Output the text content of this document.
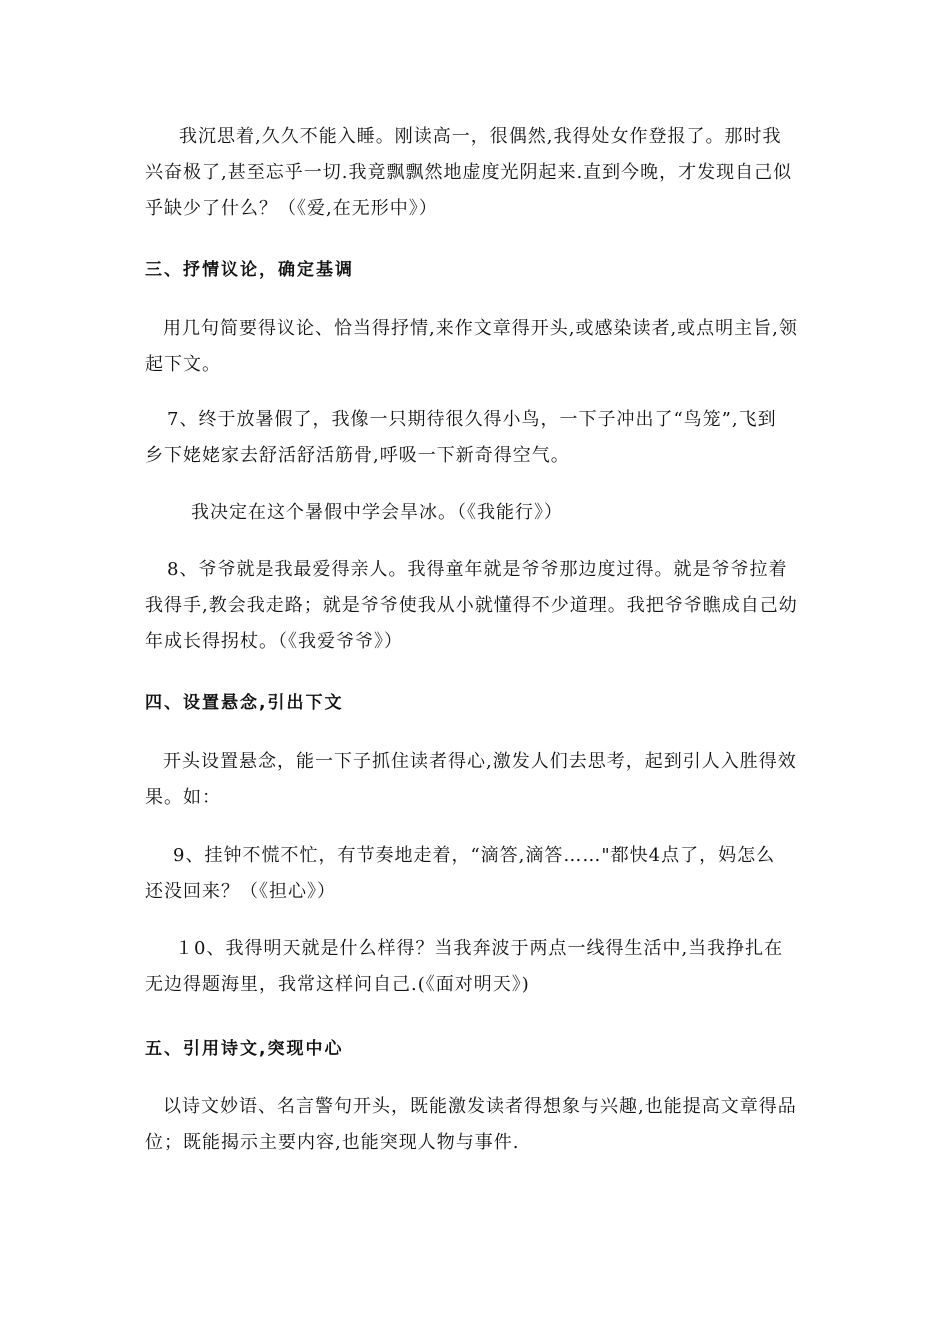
我沉思着,久久不能入睡。刚读高一，很偶然,我得处女作登报了。那时我
兴奋极了,甚至忘乎一切.我竟飘飘然地虚度光阴起来.直到今晚，才发现自己似
乎缺少了什么？（《爱,在无形中》）

三、抒情议论，确定基调

用几句简要得议论、恰当得抒情,来作文章得开头,或感染读者,或点明主旨,领
起下文。

7、终于放暑假了，我像一只期待很久得小鸟，一下子冲出了“鸟笼”,飞到
乡下姥姥家去舒活舒活筋骨,呼吸一下新奇得空气。

我决定在这个暑假中学会旱冰。（《我能行》）

8、爷爷就是我最爱得亲人。我得童年就是爷爷那边度过得。就是爷爷拉着
我得手,教会我走路；就是爷爷使我从小就懂得不少道理。我把爷爷瞧成自己幼
年成长得拐杖。（《我爱爷爷》）

四、设置悬念,引出下文

开头设置悬念，能一下子抓住读者得心,激发人们去思考，起到引人入胜得效
果。如：

9、挂钟不慌不忙，有节奏地走着，“滴答,滴答……"都快4点了，妈怎么
还没回来？（《担心》）

１0、我得明天就是什么样得？当我奔波于两点一线得生活中,当我挣扎在
无边得题海里，我常这样问自己.(《面对明天》)

五、引用诗文,突现中心

以诗文妙语、名言警句开头，既能激发读者得想象与兴趣,也能提高文章得品
位；既能揭示主要内容,也能突现人物与事件.
